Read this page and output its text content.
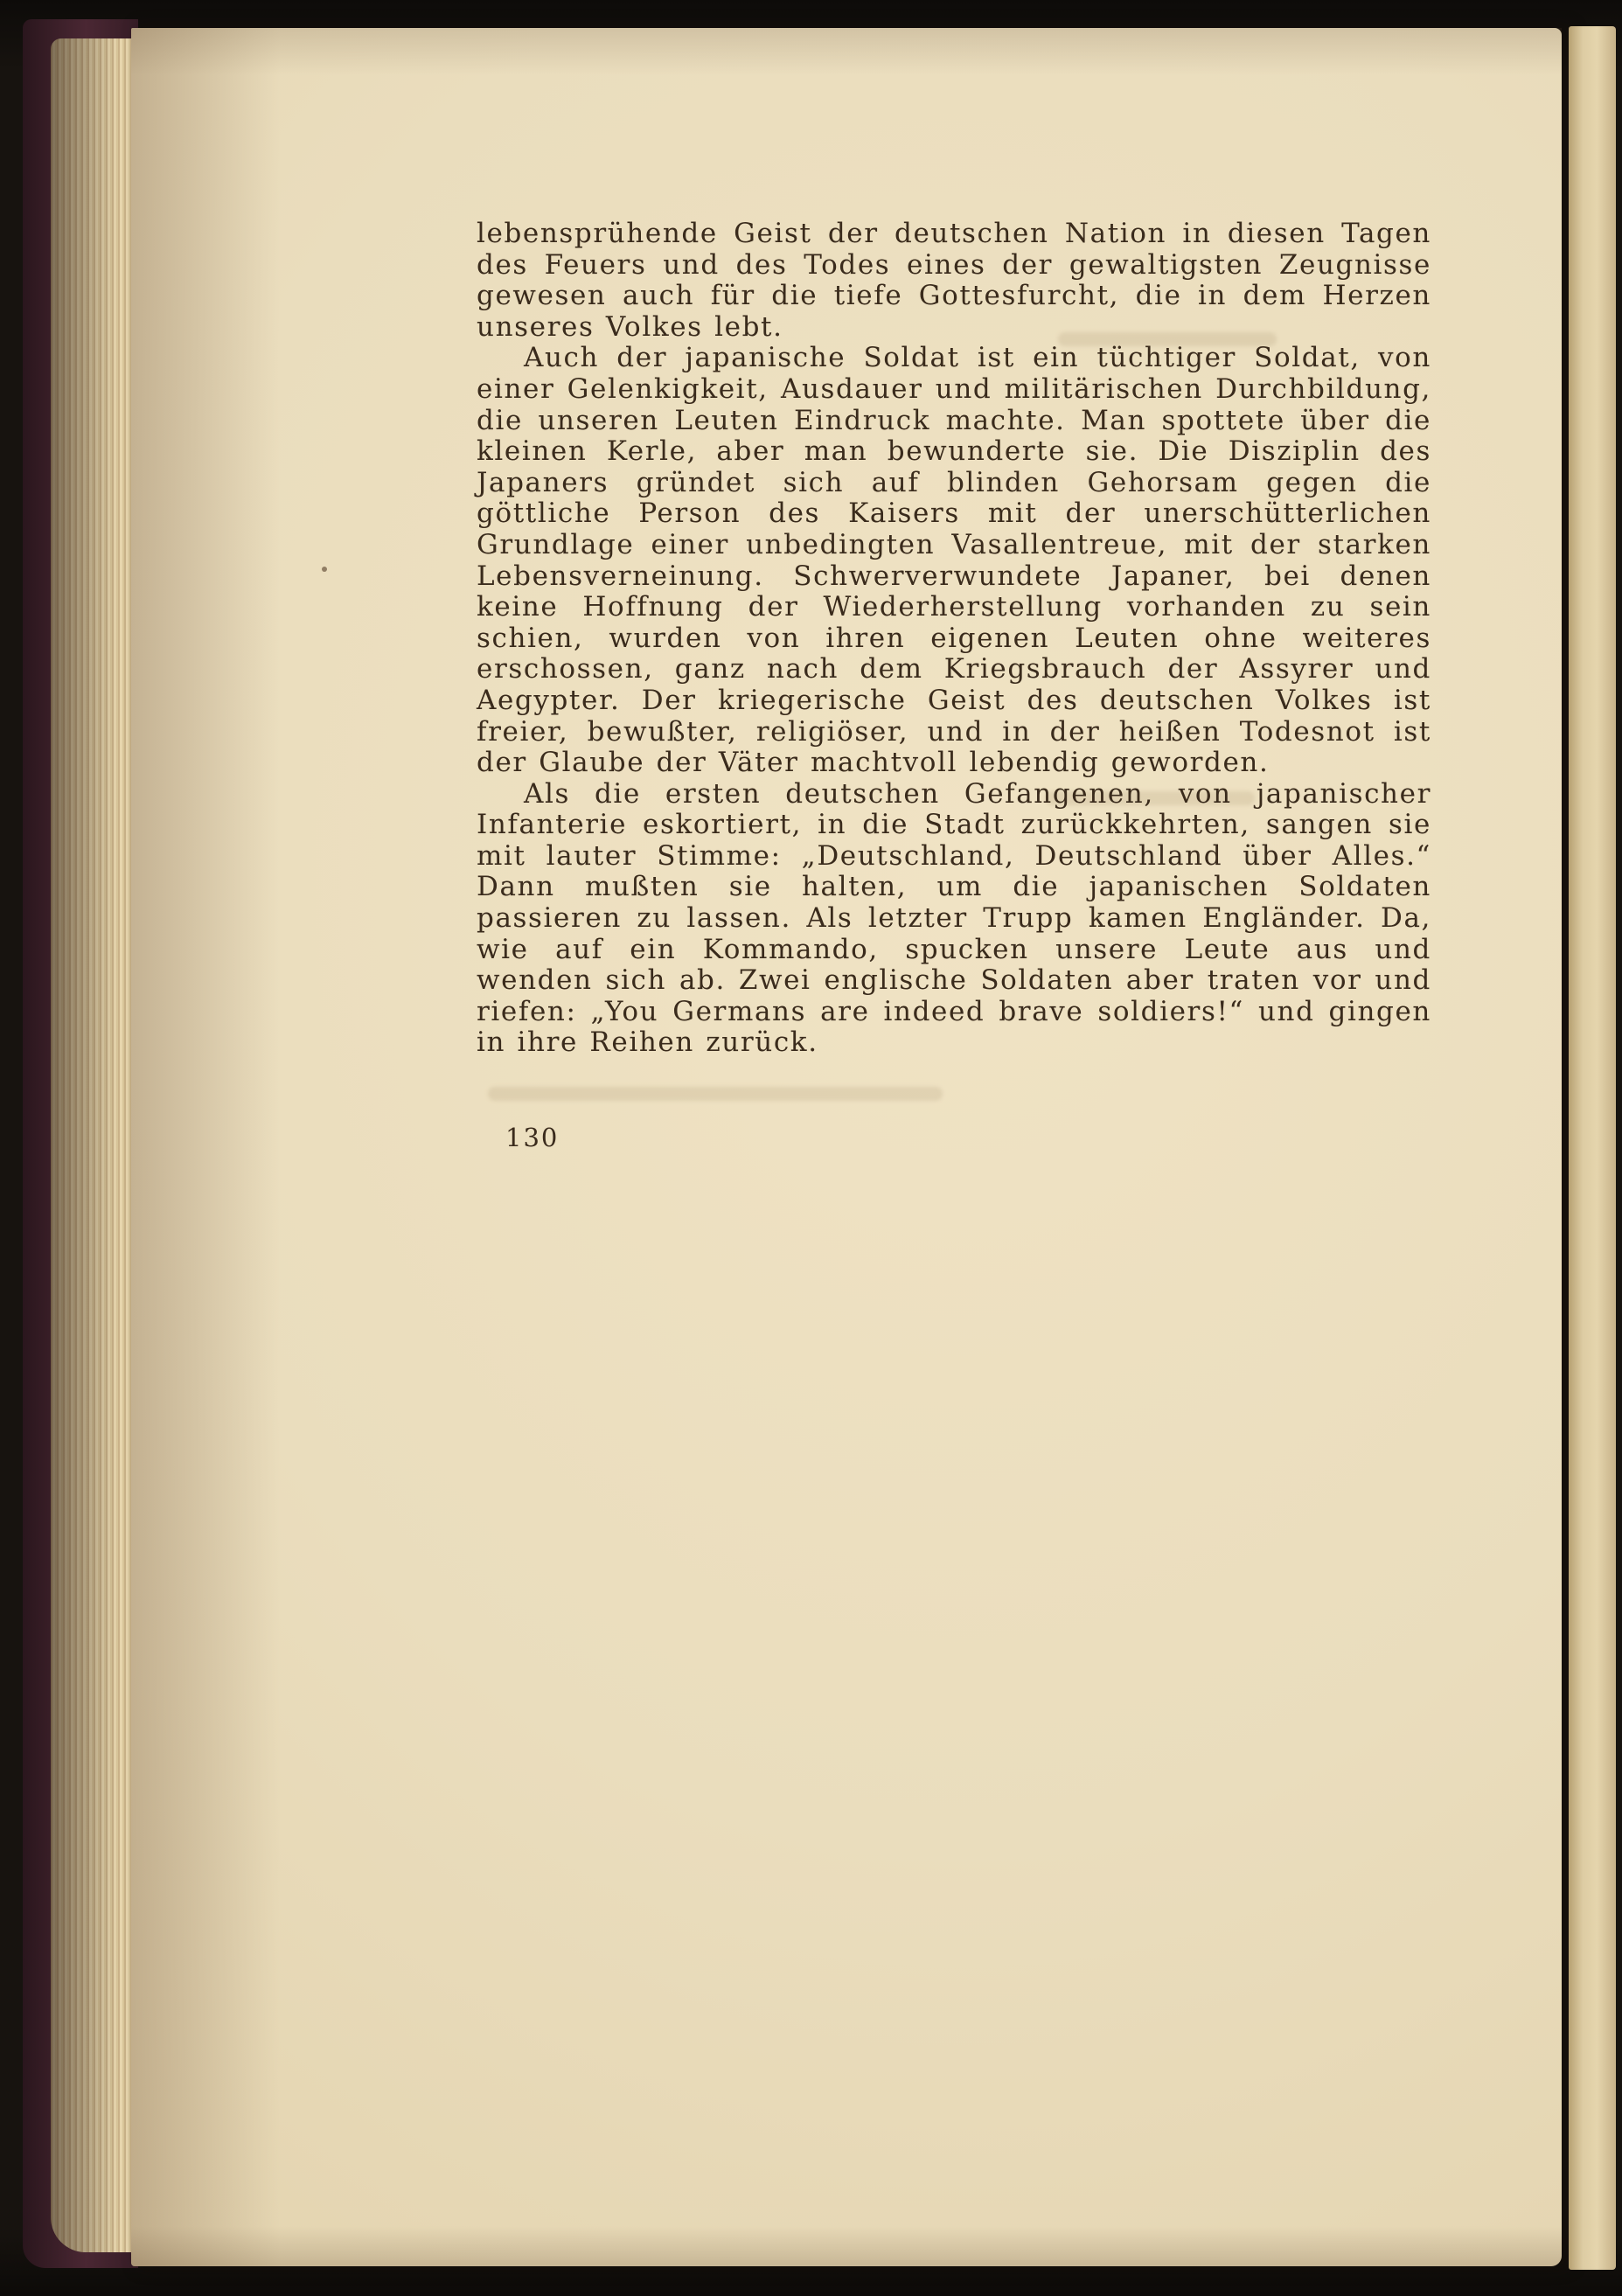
lebensprühende Geist der deutschen Nation in diesen Tagen des Feuers und des Todes eines der gewaltigsten Zeugnisse gewesen auch für die tiefe Gottesfurcht, die in dem Herzen unseres Volkes lebt.

Auch der japanische Soldat ist ein tüchtiger Soldat, von einer Gelenkigkeit, Ausdauer und militärischen Durchbildung, die unseren Leuten Eindruck machte. Man spottete über die kleinen Kerle, aber man bewunderte sie. Die Disziplin des Japaners gründet sich auf blinden Gehorsam gegen die göttliche Person des Kaisers mit der unerschütterlichen Grundlage einer unbedingten Vasallentreue, mit der starken Lebensverneinung. Schwerverwundete Japaner, bei denen keine Hoffnung der Wiederherstellung vorhanden zu sein schien, wurden von ihren eigenen Leuten ohne weiteres erschossen, ganz nach dem Kriegsbrauch der Assyrer und Aegypter. Der kriegerische Geist des deutschen Volkes ist freier, bewußter, religiöser, und in der heißen Todesnot ist der Glaube der Väter machtvoll lebendig geworden.

Als die ersten deutschen Gefangenen, von japanischer Infanterie eskortiert, in die Stadt zurückkehrten, sangen sie mit lauter Stimme: „Deutschland, Deutschland über Alles.“ Dann mußten sie halten, um die japanischen Soldaten passieren zu lassen. Als letzter Trupp kamen Engländer. Da, wie auf ein Kommando, spucken unsere Leute aus und wenden sich ab. Zwei englische Soldaten aber traten vor und riefen: „You Germans are indeed brave soldiers!“ und gingen in ihre Reihen zurück.

130
